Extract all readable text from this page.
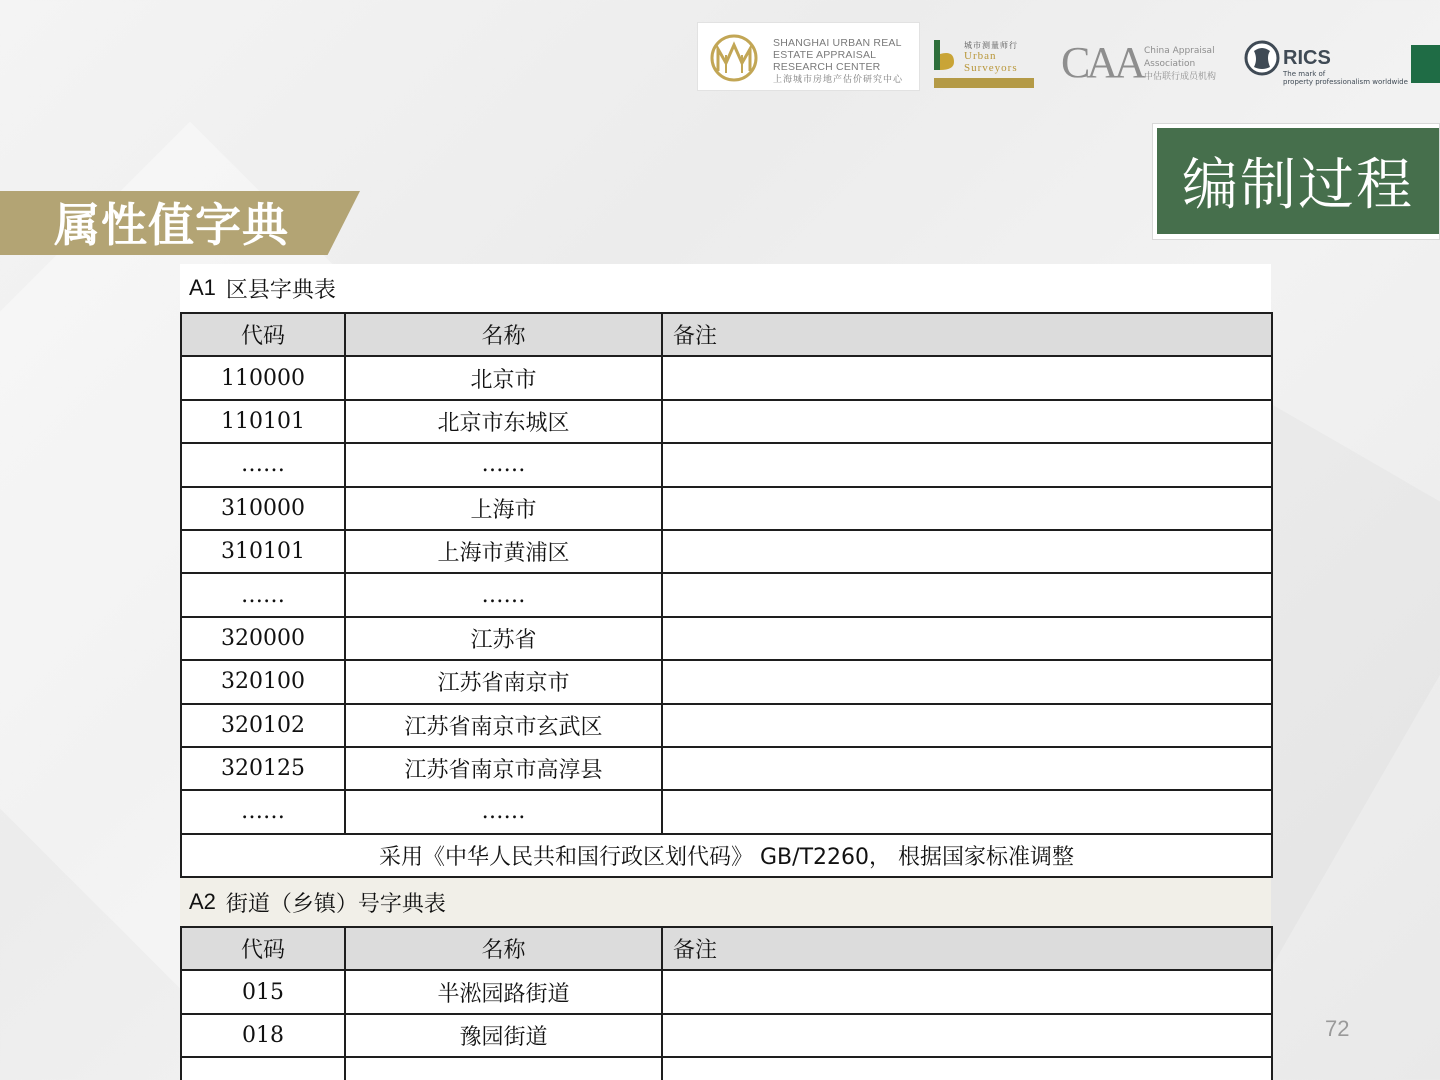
SHANGHAI URBAN REAL
ESTATE APPRAISAL
RESEARCH CENTER
上海城市房地产估价研究中心
城市测量师行
Urban
Surveyors CAA China Appraisal
Association
中估联行成员机构
RICS
The mark of
property professionalism worldwide
编制过程
属性值字典
A1 区县字典表
代码	名称	备注
110000	北京市	
110101	北京市东城区	
……	……	
310000	上海市	
310101	上海市黄浦区	
……	……	
320000	江苏省	
320100	江苏省南京市	
320102	江苏省南京市玄武区	
320125	江苏省南京市高淳县	
……	……	
采用《中华人民共和国行政区划代码》 GB/T2260， 根据国家标准调整		
A2 街道（乡镇）号字典表
代码	名称	备注
015	半淞园路街道	
018	豫园街道	
			72
